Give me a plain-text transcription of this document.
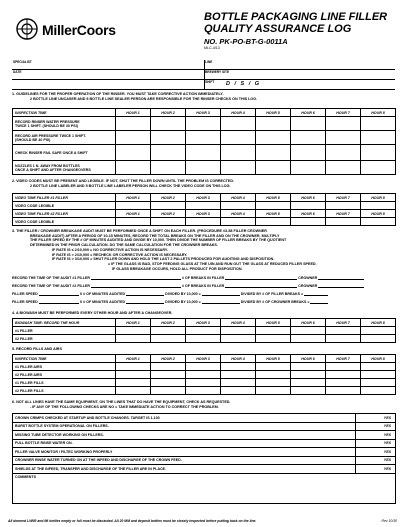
MillerCoors
BOTTLE PACKAGING LINE FILLER
QUALITY ASSURANCE LOG
NO. PK-PO-BT-G-0011A
MLC-4/13
SPECIALIST	LINE
DATE	BREWERY SITE
SHIFT D / S / G
1. GUIDELINES FOR THE PROPER OPERATION OF THE RINSER. YOU MUST TAKE CORRECTIVE ACTION IMMEDIATELY.
2 BOTTLE LINE UNCASER AND 5 BOTTLE LINE SEALER PERSON ARE RESPONSIBLE FOR THE RINSER CHECKS ON THIS LOG.
INSPECTION TIME	HOUR 1	HOUR 2	HOUR 3	HOUR 4	HOUR 5	HOUR 6	HOUR 7	HOUR 8

RECORD RINSER WATER PRESSURE
TWICE 1 SHIFT. (SHOULD BE 30 PSI)								

RECORD AIR PRESSURE TWICE 1 SHIFT.
(SHOULD BE 40 PSI)								

CHECK RINSER FAIL SAFE ONCE A SHIFT								

NOZZLES 1 N. AWAY FROM BOTTLES
ONCE A SHIFT AND AFTER CHANGEOVERS								

2. VIDEO CODES MUST BE PRESENT AND LEGIBLE. IF NOT, SHUT THE FILLER DOWN UNTIL THE PROBLEM IS CORRECTED.
2 BOTTLE LINE LABELER AND 5 BOTTLE LINE LABELER PERSON WILL CHECK THE VIDEO CODE ON THIS LOG.
VIDEO TIME FILLER #1 FILLER	HOUR 1	HOUR 2	HOUR 3	HOUR 4	HOUR 5	HOUR 6	HOUR 7	HOUR 8
VIDEO CODE LEGIBLE								
VIDEO TIME FILLER #2 FILLER	HOUR 1	HOUR 2	HOUR 3	HOUR 4	HOUR 5	HOUR 6	HOUR 7	HOUR 8
VIDEO CODE LEGIBLE								
3. THE FILLER / CROWNER BREAKAGE AUDIT MUST BE PERFORMED ONCE A SHIFT ON EACH FILLER. (PROCEDURE #3-58 FILLER CROWNER
BREAKAGE AUDIT) AFTER A PERIOD OF 10-15 MINUTES, RECORD THE TOTAL BREAKS ON THE FILLER AND ON THE CROWNER. MULTIPLY
THE FILLER SPEED BY THE # OF MINUTES AUDITED AND DIVIDE BY 10,000. THEN DIVIDE THE NUMBER OF FILLER BREAKS BY THE QUOTIENT
DETERMINED IN THE PRIOR CALCULATION. DO THE SAME CALCULATION FOR THE CROWNER BREAKS.
IF RATE IS ≤ 2/10,000 = NO CORRECTIVE ACTION IS NECESSARY.
IF RATE IS > 2/10,000 = RECHECK OR CORRECTIVE ACTION IS NECESSARY.
IF RATE IS > 3/10,000 = SHUT FILLER DOWN AND HOLD THE LAST 2 PALLETS PRODUCED FOR AUDITING AND DISPOSITION.
= IF THE GLASS IS BAD, STOP FEEDING GLASS AT THE UIN AND RUN OUT THE GLASS AT REDUCED FILLER SPEED.
IF GLASS BREAKAGE OCCURS, HOLD ALL PRODUCT FOR DISPOSITION.
RECORD THE TIME OF THE AUDIT #1 FILLER	# OF BREAKS IN FILLER	CROWNER
RECORD THE TIME OF THE AUDIT #2 FILLER	# OF BREAKS IN FILLER	CROWNER
FILLER SPEED	X # OF MINUTES AUDITED	DIVIDED BY 10,000 =	DIVIDED BY # OF FILLER BREAKS =
FILLER SPEED	X # OF MINUTES AUDITED	DIVIDED BY 10,000 =	DIVIDED BY # OF CROWNER BREAKS =
4. A BIOWASH MUST BE PERFORMED EVERY OTHER HOUR AND AFTER A CHANGEOVER.
BIOWASH TIME: RECORD THE HOUR	HOUR 1	HOUR 2	HOUR 3	HOUR 4	HOUR 5	HOUR 6	HOUR 7	HOUR 8
#1 FILLER								
#2 FILLER								
5. RECORD FILLS AND AIRS
INSPECTION TIME	HOUR 1	HOUR 2	HOUR 3	HOUR 4	HOUR 5	HOUR 6	HOUR 7	HOUR 8
#1 FILLER AIRS								
#2 FILLER AIRS								
#1 FILLER FILLS								
#2 FILLER FILLS								
6. NOT ALL LINES HAVE THE SAME EQUIPMENT, ON THE LINES THAT DO HAVE THE EQUIPMENT, CHECK AS REQUESTED.
- IF ANY OF THE FOLLOWING CHECKS ARE NO = TAKE IMMEDIATE ACTION TO CORRECT THE PROBLEM.
CROWN CRIMPS CHECKED AT STARTUP AND BOTTLE CHANGES. TARGET IS 1.130	YES
BURST BOTTLE SYSTEM OPERATIONAL ON FILLERS.	YES
MISSING TUBE DETECTOR WORKING ON FILLERS.	YES
FULL BOTTLE RINSE WATER ON.	YES
FILLER VALVE MONITOR / FILTEC WORKING PROPERLY	YES
CROWNER RINSE WATER TURNED ON AT THE INFEED AND DISCHARGE OF THE CROWN FEED.	YES
SHIELDS AT THE INFEED, TRANSFER AND DISCHARGE OF THE FILLER ARE IN PLACE.	YES
COMMENTS	
All downed LNNR and Mt bottles empty or full must be discarded. All 20 MM and deposit bottles must be closely inspected before putting back on the line.	Rev 10/30
